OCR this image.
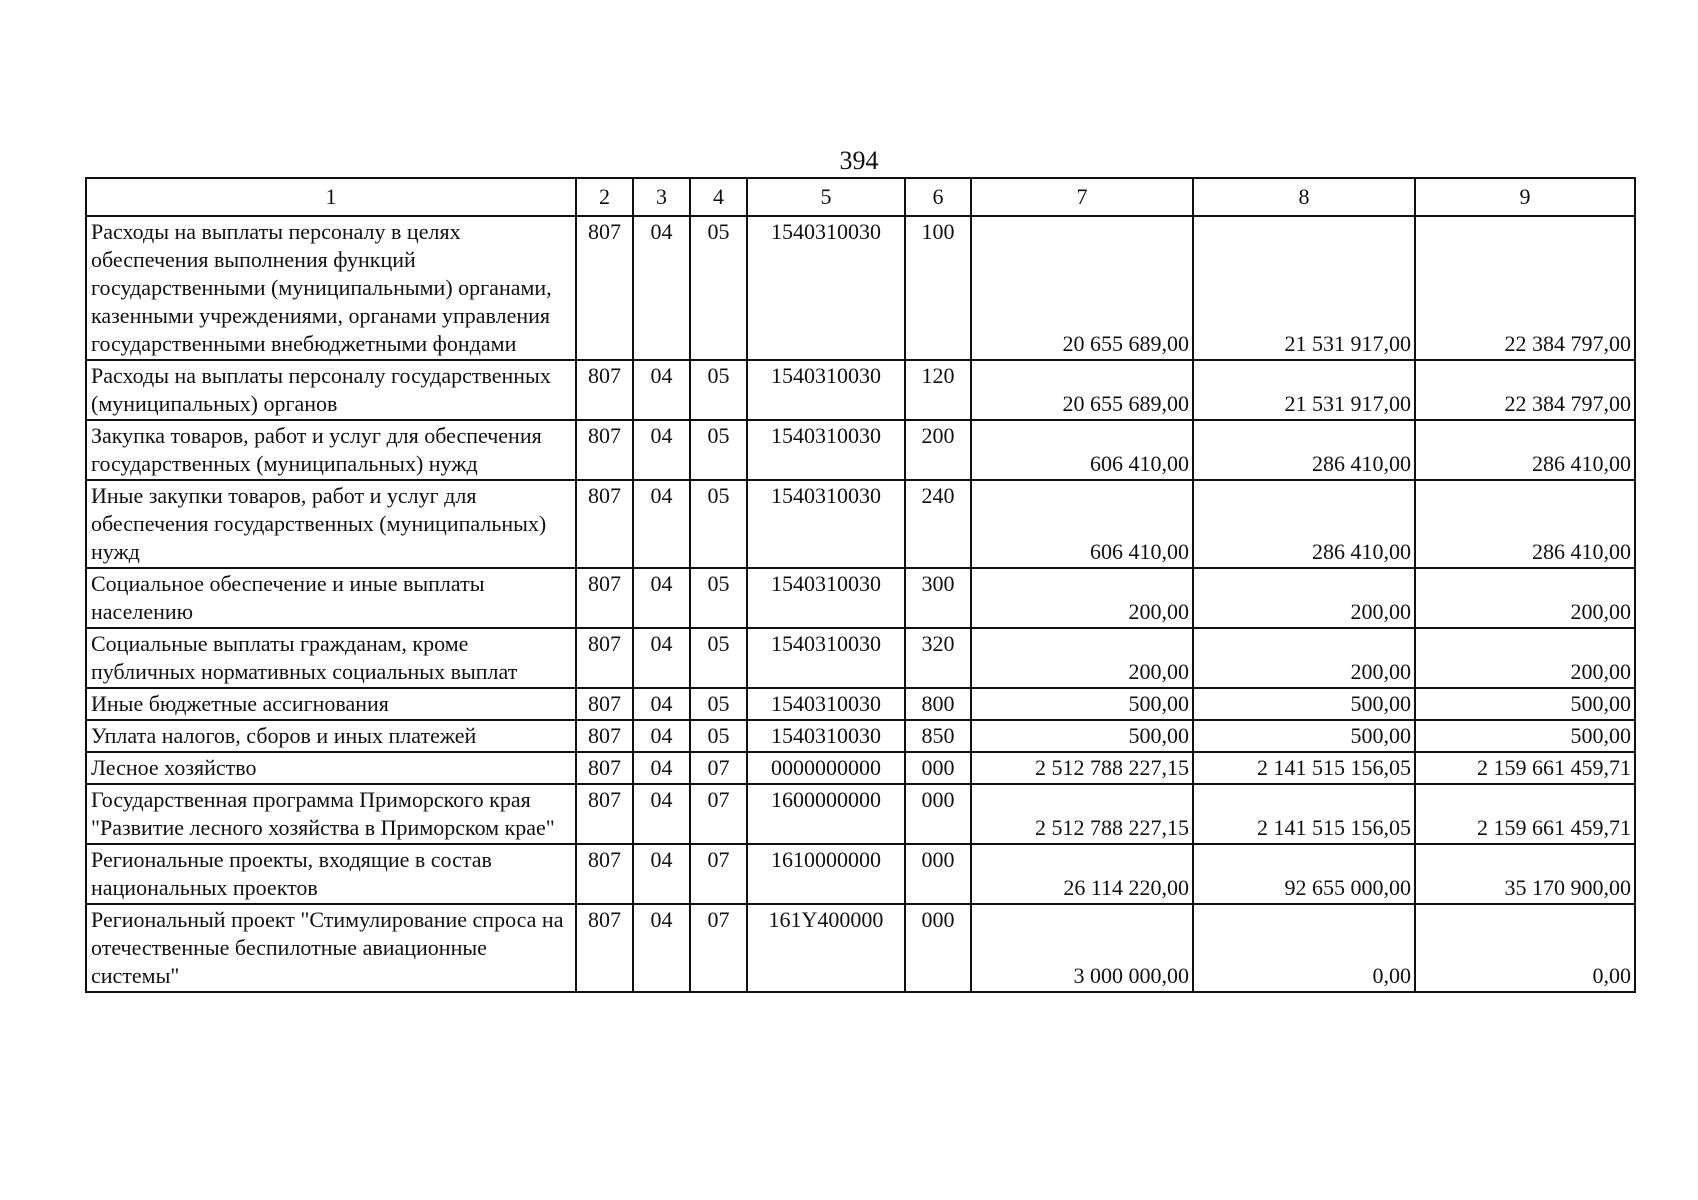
394
1	2	3	4	5	6	7	8	9
Расходы на выплаты персоналу в целях обеспечения выполнения функций государственными (муниципальными) органами, казенными учреждениями, органами управления государственными внебюджетными фондами	807	04	05	1540310030	100	20 655 689,00	21 531 917,00	22 384 797,00
Расходы на выплаты персоналу государственных (муниципальных) органов	807	04	05	1540310030	120	20 655 689,00	21 531 917,00	22 384 797,00
Закупка товаров, работ и услуг для обеспечения государственных (муниципальных) нужд	807	04	05	1540310030	200	606 410,00	286 410,00	286 410,00
Иные закупки товаров, работ и услуг для обеспечения государственных (муниципальных) нужд	807	04	05	1540310030	240	606 410,00	286 410,00	286 410,00
Социальное обеспечение и иные выплаты населению	807	04	05	1540310030	300	200,00	200,00	200,00
Социальные выплаты гражданам, кроме публичных нормативных социальных выплат	807	04	05	1540310030	320	200,00	200,00	200,00
Иные бюджетные ассигнования	807	04	05	1540310030	800	500,00	500,00	500,00
Уплата налогов, сборов и иных платежей	807	04	05	1540310030	850	500,00	500,00	500,00
Лесное хозяйство	807	04	07	0000000000	000	2 512 788 227,15	2 141 515 156,05	2 159 661 459,71
Государственная программа Приморского края "Развитие лесного хозяйства в Приморском крае"	807	04	07	1600000000	000	2 512 788 227,15	2 141 515 156,05	2 159 661 459,71
Региональные проекты, входящие в состав национальных проектов	807	04	07	1610000000	000	26 114 220,00	92 655 000,00	35 170 900,00
Региональный проект "Стимулирование спроса на отечественные беспилотные авиационные системы"	807	04	07	161Y400000	000	3 000 000,00	0,00	0,00
